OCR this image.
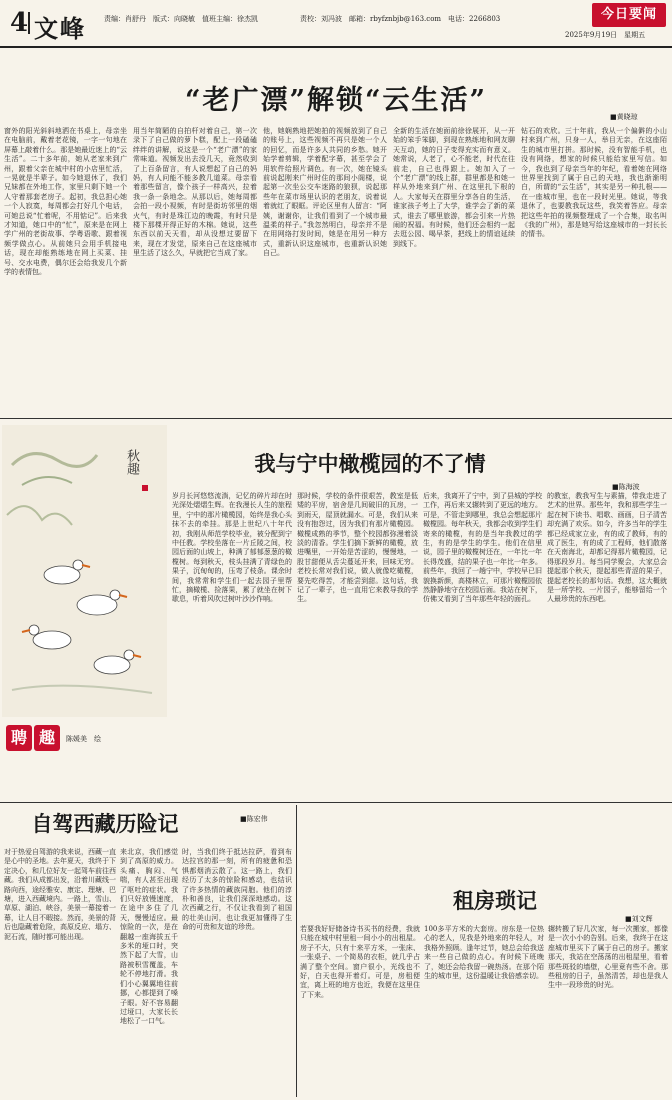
4 文峰	责编：肖舒丹　版式：向晓敏　值班主编：徐杰凯	责校：刘冯波　邮箱：rbyfznbjb@163.com　电话：2266803	今日要闻
2025年9月19日　星期五
“老广漂”解锁“云生活”
■黄晓琼
窗外的阳光斜斜地洒在书桌上，母亲坐在电脑前，戴着老花镜，一字一句地在屏幕上敲着什么。那是她最近迷上的“云生活”。二十多年前，她从老家来到广州，跟着父亲在城中村的小店里忙活，一晃就是半辈子。如今她退休了，我们兄妹都在外地工作，家里只剩下她一个人守着那套老房子。起初，我总担心她一个人寂寞，每周都会打好几个电话，可她总说“忙着呢，不用惦记”。后来我才知道，她口中的“忙”，原来是在网上学广州的老街故事、学粤语歌、跟着视频学做点心。从前她只会用手机接电话，现在却能熟练地在网上买菜、挂号、交水电费，偶尔还会给我发几个新学的表情包。
用当年简陋的自拍杆对着自己，第一次录下了自己做的萝卜糕，配上一段磕磕绊绊的讲解，说这是一个“老广漂”的家常味道。视频发出去没几天，竟然收到了上百条留言，有人说想起了自己的妈妈，有人问能不能多教几道菜。母亲看着那些留言，像个孩子一样高兴，拉着我一条一条地念。从那以后，她每周都会拍一段小视频，有时是街坊邻里的烟火气，有时是珠江边的晚霞，有时只是楼下那棵开得正好的木棉。她说，这些东西以前天天看，却从没想过要留下来，现在才发觉，原来自己在这座城市里生活了这么久，早就把它当成了家。
他，她娴熟地把她拍的视频放到了自己的账号上，这些视频不再只是她一个人的回忆，而是许多人共同的乡愁。她开始学着剪辑，学着配字幕，甚至学会了用软件给照片调色。有一次，她在镜头前说起刚来广州时住的那间小阁楼，说起第一次坐公交车迷路的狼狈，说起那些年在菜市场里认识的老朋友，说着说着就红了眼眶。评论区里有人留言：“阿姨，谢谢你，让我们看到了一个城市最温柔的样子。”我忽然明白，母亲并不是在用网络打发时间，她是在用另一种方式，重新认识这座城市，也重新认识她自己。
全新的生活在她面前徐徐展开，从一开始的笨手笨脚，到现在熟练地和网友聊天互动，她的日子变得充实而有意义。她常说，人老了，心不能老，时代在往前走，自己也得跟上。她加入了一个“老广漂”的线上群，群里都是和她一样从外地来到广州、在这里扎下根的人。大家每天在群里分享各自的生活，谁家孩子考上了大学，谁学会了新的菜式，谁去了哪里旅游，都会引来一片热闹的祝福。有时候，他们还会相约一起去逛公园、喝早茶，把线上的情谊延续到线下。
钻石的欢欣。三十年前，我从一个偏僻的小山村来到广州，只身一人，举目无亲，在这座陌生的城市里打拼。那时候，没有智能手机，也没有网络，想家的时候只能给家里写信。如今，我也到了母亲当年的年纪，看着她在网络世界里找到了属于自己的天地，我也渐渐明白，所谓的“云生活”，其实是另一种扎根——在一座城市里，也在一段时光里。她说，等我退休了，也要教我玩这些，我笑着答应。母亲把这些年拍的视频整理成了一个合集，取名叫《我的广州》，那是她写给这座城市的一封长长的情书。
秋趣
聘 趣 陈媛美　绘
我与宁中橄榄园的不了情
■陈海波
岁月长河悠悠流淌，记忆的碎片却在时光深处熠熠生辉。在我漫长人生的旅程里，宁中的那片橄榄园，始终是我心头抹不去的牵挂。那是上世纪八十年代初，我刚从师范学校毕业，被分配到宁中任教。学校坐落在一片丘陵之间，校园后面的山坡上，种满了郁郁葱葱的橄榄树。每到秋天，枝头挂满了青绿色的果子，沉甸甸的，压弯了枝条。课余时间，我常常和学生们一起去园子里帮忙，摘橄榄、捡落果，累了就坐在树下歇息，听着风吹过树叶沙沙作响。
那时候，学校的条件很艰苦，教室是低矮的平房，宿舍是几间破旧的瓦房，一到雨天，屋顶就漏水。可是，我们从来没有抱怨过，因为我们有那片橄榄园。橄榄成熟的季节，整个校园都弥漫着淡淡的清香。学生们摘下新鲜的橄榄，放进嘴里，一开始是苦涩的，慢慢地，一股甘甜便从舌尖蔓延开来，回味无穷。老校长常对我们说，做人就像吃橄榄，要先吃得苦，才能尝到甜。这句话，我记了一辈子，也一直用它来教导我的学生。
后来，我离开了宁中，到了县城的学校工作，再后来又辗转到了更远的地方。可是，不管走到哪里，我总会想起那片橄榄园。每年秋天，我都会收到学生们寄来的橄榄，有的是当年我教过的学生，有的是学生的学生。他们在信里说，园子里的橄榄树还在，一年比一年长得茂盛，结的果子也一年比一年多。前些年，我回了一趟宁中，学校早已旧貌换新颜，高楼林立，可那片橄榄园依然静静地守在校园后面。我站在树下，仿佛又看到了当年那些年轻的面孔。
的教室，教我写生与素描，带我走进了艺术的世界。那些年，我和那些学生一起在树下读书、唱歌、画画，日子清苦却充满了欢乐。如今，许多当年的学生都已经成家立业，有的成了教师，有的成了医生，有的成了工程师，他们散落在天南海北，却都记得那片橄榄园，记得那段岁月。每当同学聚会，大家总会提起那个秋天，提起那些青涩的果子，提起老校长的那句话。我想，这大概就是一所学校、一片园子，能够留给一个人最珍贵的东西吧。
自驾西藏历险记	■陈宏伟
对于热爱自驾游的我来说，西藏一直是心中的圣地。去年夏天，我终于下定决心，和几位好友一起驾车前往西藏。我们从成都出发，沿着川藏线一路向西，途经雅安、康定、理塘、巴塘，进入西藏境内。一路上，雪山、草原、湖泊、峡谷，美景一幕接着一幕，让人目不暇接。然而，美景的背后也隐藏着危险，高原反应、塌方、泥石流，随时都可能出现。
来北京，我们感觉到了高原的威力。头痛、胸闷、气喘，有人甚至出现了呕吐的症状。我们只好放慢速度，在途中多住了几天，慢慢适应。最惊险的一次，是在翻越一座海拔五千多米的垭口时，突然下起了大雪，山路被积雪覆盖，车轮不停地打滑。我们小心翼翼地往前挪，心都提到了嗓子眼。好不容易翻过垭口，大家长长地松了一口气。
时，当我们终于抵达拉萨，看到布达拉宫的那一刻，所有的疲惫和恐惧都烟消云散了。这一路上，我们经历了太多的惊险和感动，也结识了许多热情的藏族同胞。他们的淳朴和善良，让我们深深地感动。这次西藏之行，不仅让我看到了祖国的壮美山河，也让我更加懂得了生命的可贵和友谊的珍贵。
租房琐记
■刘文辉
若要我好好储备诗书买书的经费，我就只能在城中村里租一间小小的出租屋。房子不大，只有十来平方米，一张床、一张桌子、一个简易的衣柜，就几乎占满了整个空间。窗户很小，光线也不好，白天也得开着灯。可是，房租便宜，离上班的地方也近，我便在这里住了下来。
100多平方米的大套房。房东是一位热心的老人，见我是外地来的年轻人，对我格外照顾。逢年过节，她总会给我送来一些自己做的点心。有时候下班晚了，她还会给我留一碗热汤。在那个陌生的城市里，这份温暖让我倍感亲切。
辗转搬了好几次家，每一次搬家，都像是一次小小的告别。后来，我终于在这座城市里买下了属于自己的房子。搬家那天，我站在空荡荡的出租屋里，看着那些斑驳的墙壁，心里竟有些不舍。那些租房的日子，虽然清苦，却也是我人生中一段珍贵的时光。
